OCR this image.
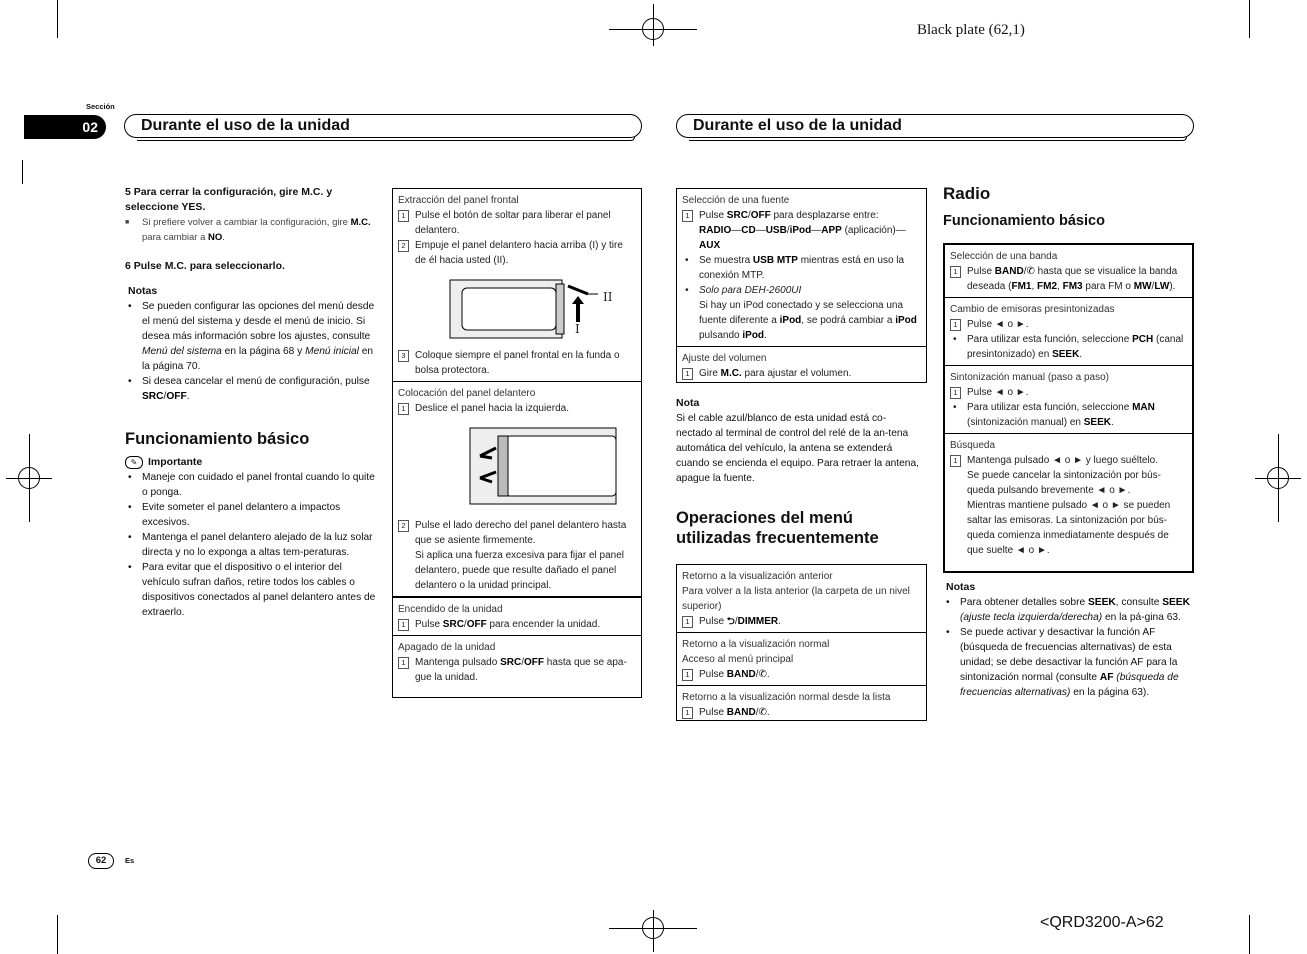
Black plate (62,1)
<QRD3200-A>62
Sección
02	Durante el uso de la unidad	Durante el uso de la unidad

5 Para cerrar la configuración, gire M.C. y seleccione YES.

■ Si prefiere volver a cambiar la configuración, gire M.C. para cambiar a NO.

6 Pulse M.C. para seleccionarlo.

Notas

• Se pueden configurar las opciones del menú desde el menú del sistema y desde el menú de inicio. Si desea más información sobre los ajustes, consulte Menú del sistema en la página 68 y Menú inicial en la página 70.

• Si desea cancelar el menú de configuración, pulse SRC/OFF.

Funcionamiento básico

✎ Importante

• Maneje con cuidado el panel frontal cuando lo quite o ponga.

• Evite someter el panel delantero a impactos excesivos.

• Mantenga el panel delantero alejado de la luz solar directa y no lo exponga a altas tem-peraturas.

• Para evitar que el dispositivo o el interior del vehículo sufran daños, retire todos los cables o dispositivos conectados al panel delantero antes de extraerlo.

Extracción del panel frontal
1 Pulse el botón de soltar para liberar el panel delantero.
2 Empuje el panel delantero hacia arriba (I) y tire de él hacia usted (II).
II
I
3 Coloque siempre el panel frontal en la funda o bolsa protectora.
Colocación del panel delantero
1 Deslice el panel hacia la izquierda.
2 Pulse el lado derecho del panel delantero hasta que se asiente firmemente.
Si aplica una fuerza excesiva para fijar el panel delantero, puede que resulte dañado el panel delantero o la unidad principal.
Encendido de la unidad
1 Pulse SRC/OFF para encender la unidad.
Apagado de la unidad
1 Mantenga pulsado SRC/OFF hasta que se apa-gue la unidad.
Selección de una fuente
1 Pulse SRC/OFF para desplazarse entre:
RADIO—CD—USB/iPod—APP (aplicación)—AUX
• Se muestra USB MTP mientras está en uso la conexión MTP.
• Solo para DEH-2600UI
Si hay un iPod conectado y se selecciona una fuente diferente a iPod, se podrá cambiar a iPod pulsando iPod.
Ajuste del volumen
1 Gire M.C. para ajustar el volumen.

Nota

Si el cable azul/blanco de esta unidad está co-nectado al terminal de control del relé de la an-tena automática del vehículo, la antena se extenderá cuando se encienda el equipo. Para retraer la antena, apague la fuente.

Operaciones del menú utilizadas frecuentemente

Retorno a la visualización anterior
Para volver a la lista anterior (la carpeta de un nivel superior)
1 Pulse ⮌/DIMMER.
Retorno a la visualización normal
Acceso al menú principal
1 Pulse BAND/✆.
Retorno a la visualización normal desde la lista
1 Pulse BAND/✆.

Radio

Funcionamiento básico

Selección de una banda
1 Pulse BAND/✆ hasta que se visualice la banda deseada (FM1, FM2, FM3 para FM o MW/LW).
Cambio de emisoras presintonizadas
1 Pulse ◄ o ►.
• Para utilizar esta función, seleccione PCH (canal presintonizado) en SEEK.
Sintonización manual (paso a paso)
1 Pulse ◄ o ►.
• Para utilizar esta función, seleccione MAN (sintonización manual) en SEEK.
Búsqueda
1 Mantenga pulsado ◄ o ► y luego suéltelo.
Se puede cancelar la sintonización por bús-queda pulsando brevemente ◄ o ►.
Mientras mantiene pulsado ◄ o ► se pueden saltar las emisoras. La sintonización por bús-queda comienza inmediatamente después de que suelte ◄ o ►.

Notas

• Para obtener detalles sobre SEEK, consulte SEEK (ajuste tecla izquierda/derecha) en la pá-gina 63.

• Se puede activar y desactivar la función AF (búsqueda de frecuencias alternativas) de esta unidad; se debe desactivar la función AF para la sintonización normal (consulte AF (búsqueda de frecuencias alternativas) en la página 63).

62	Es
